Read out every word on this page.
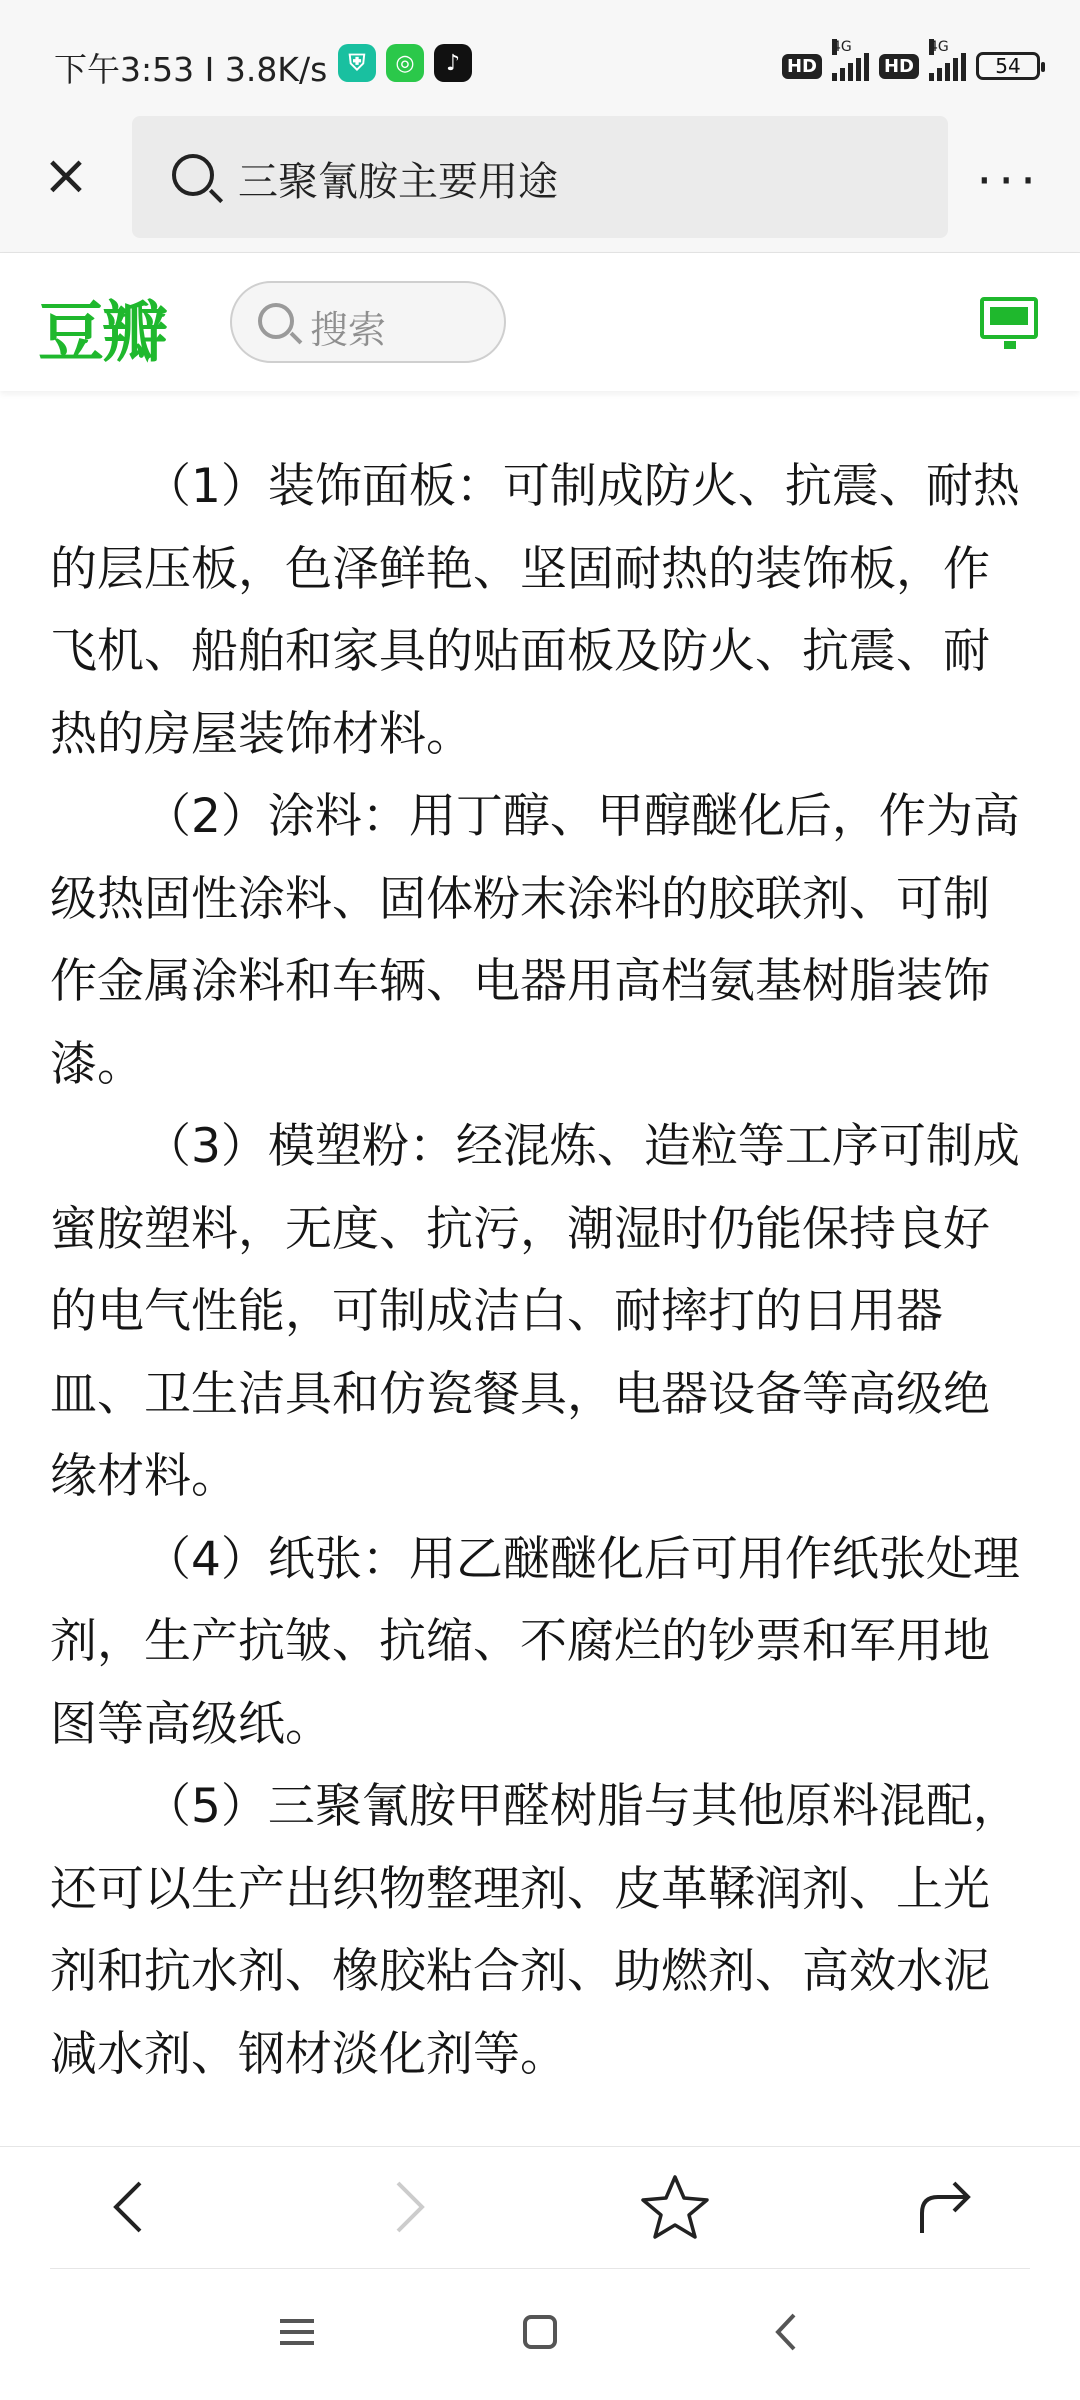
下午3:53 I 3.8K/s ⛨	◎	♪	HD
4G
HD
4G
54
×	三聚氰胺主要用途	···
豆瓣	搜索

（1）装饰面板：可制成防火、抗震、耐热的层压板，色泽鲜艳、坚固耐热的装饰板，作飞机、船舶和家具的贴面板及防火、抗震、耐热的房屋装饰材料。

（2）涂料：用丁醇、甲醇醚化后，作为高级热固性涂料、固体粉末涂料的胶联剂、可制作金属涂料和车辆、电器用高档氨基树脂装饰漆。

（3）模塑粉：经混炼、造粒等工序可制成蜜胺塑料，无度、抗污，潮湿时仍能保持良好的电气性能，可制成洁白、耐摔打的日用器皿、卫生洁具和仿瓷餐具，电器设备等高级绝缘材料。

（4）纸张：用乙醚醚化后可用作纸张处理剂，生产抗皱、抗缩、不腐烂的钞票和军用地图等高级纸。

（5）三聚氰胺甲醛树脂与其他原料混配，还可以生产出织物整理剂、皮革鞣润剂、上光剂和抗水剂、橡胶粘合剂、助燃剂、高效水泥减水剂、钢材淡化剂等。
